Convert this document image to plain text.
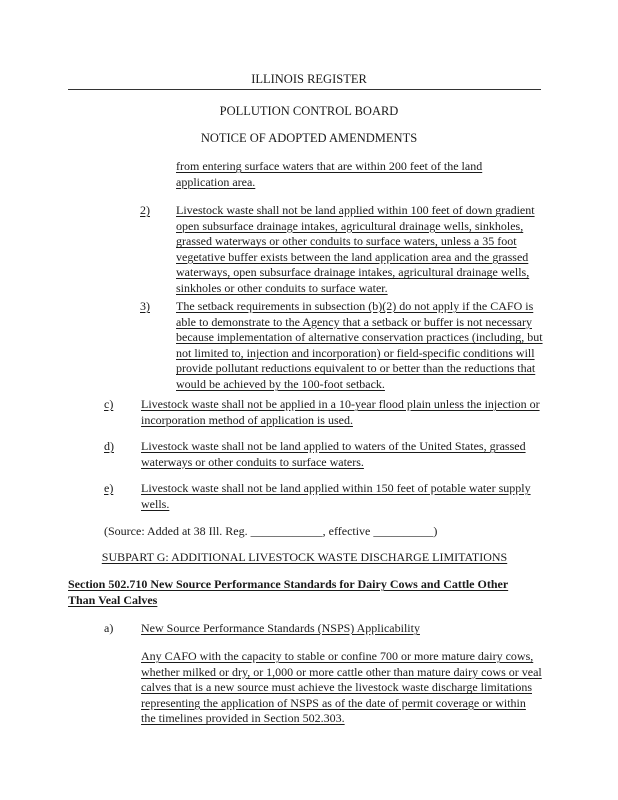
ILLINOIS REGISTER
POLLUTION CONTROL BOARD
NOTICE OF ADOPTED AMENDMENTS
from entering surface waters that are within 200 feet of the land application area.
2) Livestock waste shall not be land applied within 100 feet of down gradient open subsurface drainage intakes, agricultural drainage wells, sinkholes, grassed waterways or other conduits to surface waters, unless a 35 foot vegetative buffer exists between the land application area and the grassed waterways, open subsurface drainage intakes, agricultural drainage wells, sinkholes or other conduits to surface water.
3) The setback requirements in subsection (b)(2) do not apply if the CAFO is able to demonstrate to the Agency that a setback or buffer is not necessary because implementation of alternative conservation practices (including, but not limited to, injection and incorporation) or field-specific conditions will provide pollutant reductions equivalent to or better than the reductions that would be achieved by the 100-foot setback.
c) Livestock waste shall not be applied in a 10-year flood plain unless the injection or incorporation method of application is used.
d) Livestock waste shall not be land applied to waters of the United States, grassed waterways or other conduits to surface waters.
e) Livestock waste shall not be land applied within 150 feet of potable water supply wells.
(Source: Added at 38 Ill. Reg. ____________, effective __________)
SUBPART G: ADDITIONAL LIVESTOCK WASTE DISCHARGE LIMITATIONS
Section 502.710 New Source Performance Standards for Dairy Cows and Cattle Other Than Veal Calves
a) New Source Performance Standards (NSPS) Applicability
Any CAFO with the capacity to stable or confine 700 or more mature dairy cows, whether milked or dry, or 1,000 or more cattle other than mature dairy cows or veal calves that is a new source must achieve the livestock waste discharge limitations representing the application of NSPS as of the date of permit coverage or within the timelines provided in Section 502.303.
